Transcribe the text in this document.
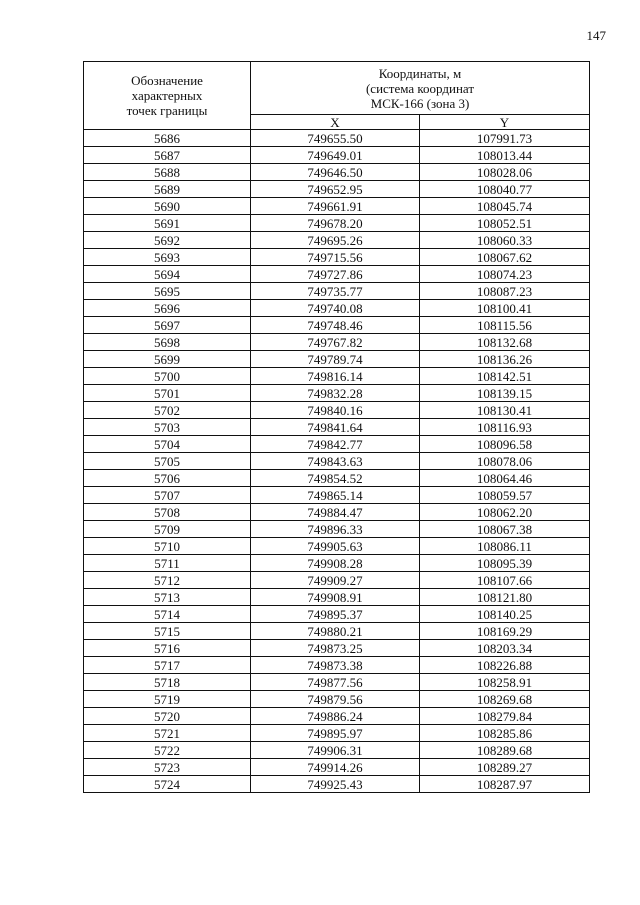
147
Обозначение
характерных
точек границы	Координаты, м
(система координат
МСК-166 (зона 3)	

	X	Y
5686	749655.50	107991.73
5687	749649.01	108013.44
5688	749646.50	108028.06
5689	749652.95	108040.77
5690	749661.91	108045.74
5691	749678.20	108052.51
5692	749695.26	108060.33
5693	749715.56	108067.62
5694	749727.86	108074.23
5695	749735.77	108087.23
5696	749740.08	108100.41
5697	749748.46	108115.56
5698	749767.82	108132.68
5699	749789.74	108136.26
5700	749816.14	108142.51
5701	749832.28	108139.15
5702	749840.16	108130.41
5703	749841.64	108116.93
5704	749842.77	108096.58
5705	749843.63	108078.06
5706	749854.52	108064.46
5707	749865.14	108059.57
5708	749884.47	108062.20
5709	749896.33	108067.38
5710	749905.63	108086.11
5711	749908.28	108095.39
5712	749909.27	108107.66
5713	749908.91	108121.80
5714	749895.37	108140.25
5715	749880.21	108169.29
5716	749873.25	108203.34
5717	749873.38	108226.88
5718	749877.56	108258.91
5719	749879.56	108269.68
5720	749886.24	108279.84
5721	749895.97	108285.86
5722	749906.31	108289.68
5723	749914.26	108289.27
5724	749925.43	108287.97
